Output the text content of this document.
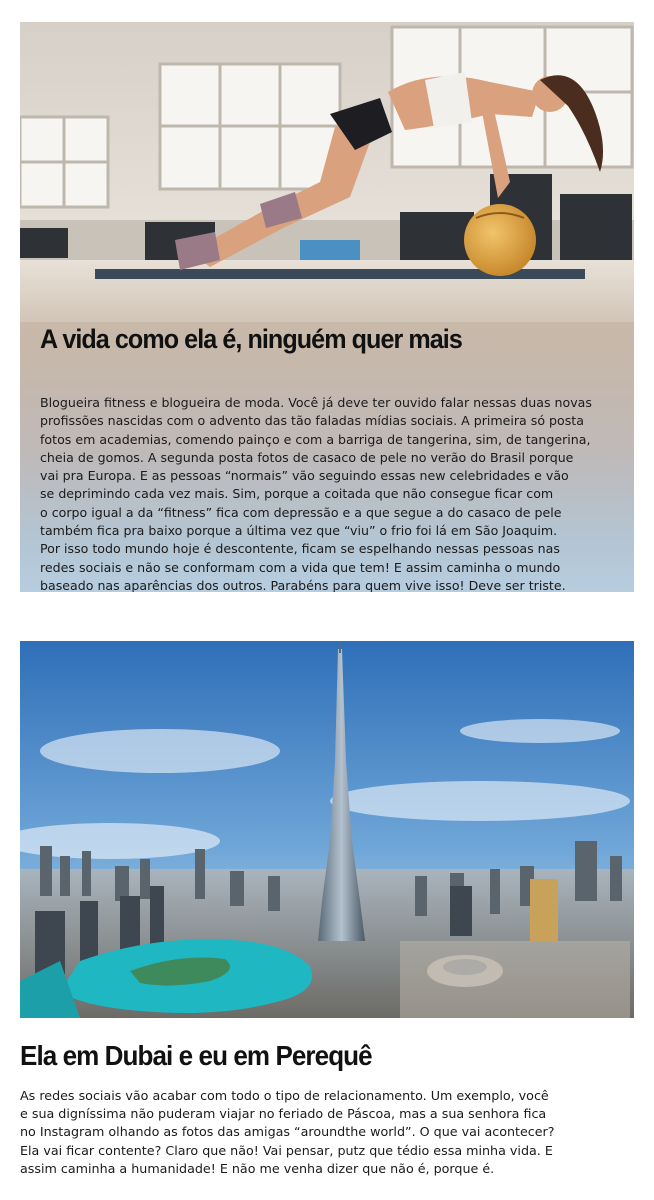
A vida como ela é, ninguém quer mais
Blogueira fitness e blogueira de moda. Você já deve ter ouvido falar nessas duas novas
profissões nascidas com o advento das tão faladas mídias sociais. A primeira só posta
fotos em academias, comendo painço e com a barriga de tangerina, sim, de tangerina,
cheia de gomos. A segunda posta fotos de casaco de pele no verão do Brasil porque
vai pra Europa. E as pessoas “normais” vão seguindo essas new celebridades e vão
se deprimindo cada vez mais. Sim, porque a coitada que não consegue ficar com
o corpo igual a da “fitness” fica com depressão e a que segue a do casaco de pele
também fica pra baixo porque a última vez que “viu” o frio foi lá em São Joaquim.
Por isso todo mundo hoje é descontente, ficam se espelhando nessas pessoas nas
redes sociais e não se conformam com a vida que tem! E assim caminha o mundo
baseado nas aparências dos outros. Parabéns para quem vive isso! Deve ser triste.
Ela em Dubai e eu em Perequê
As redes sociais vão acabar com todo o tipo de relacionamento. Um exemplo, você
e sua digníssima não puderam viajar no feriado de Páscoa, mas a sua senhora fica
no Instagram olhando as fotos das amigas “aroundthe world”. O que vai acontecer?
Ela vai ficar contente? Claro que não! Vai pensar, putz que tédio essa minha vida. E
assim caminha a humanidade! E não me venha dizer que não é, porque é.
